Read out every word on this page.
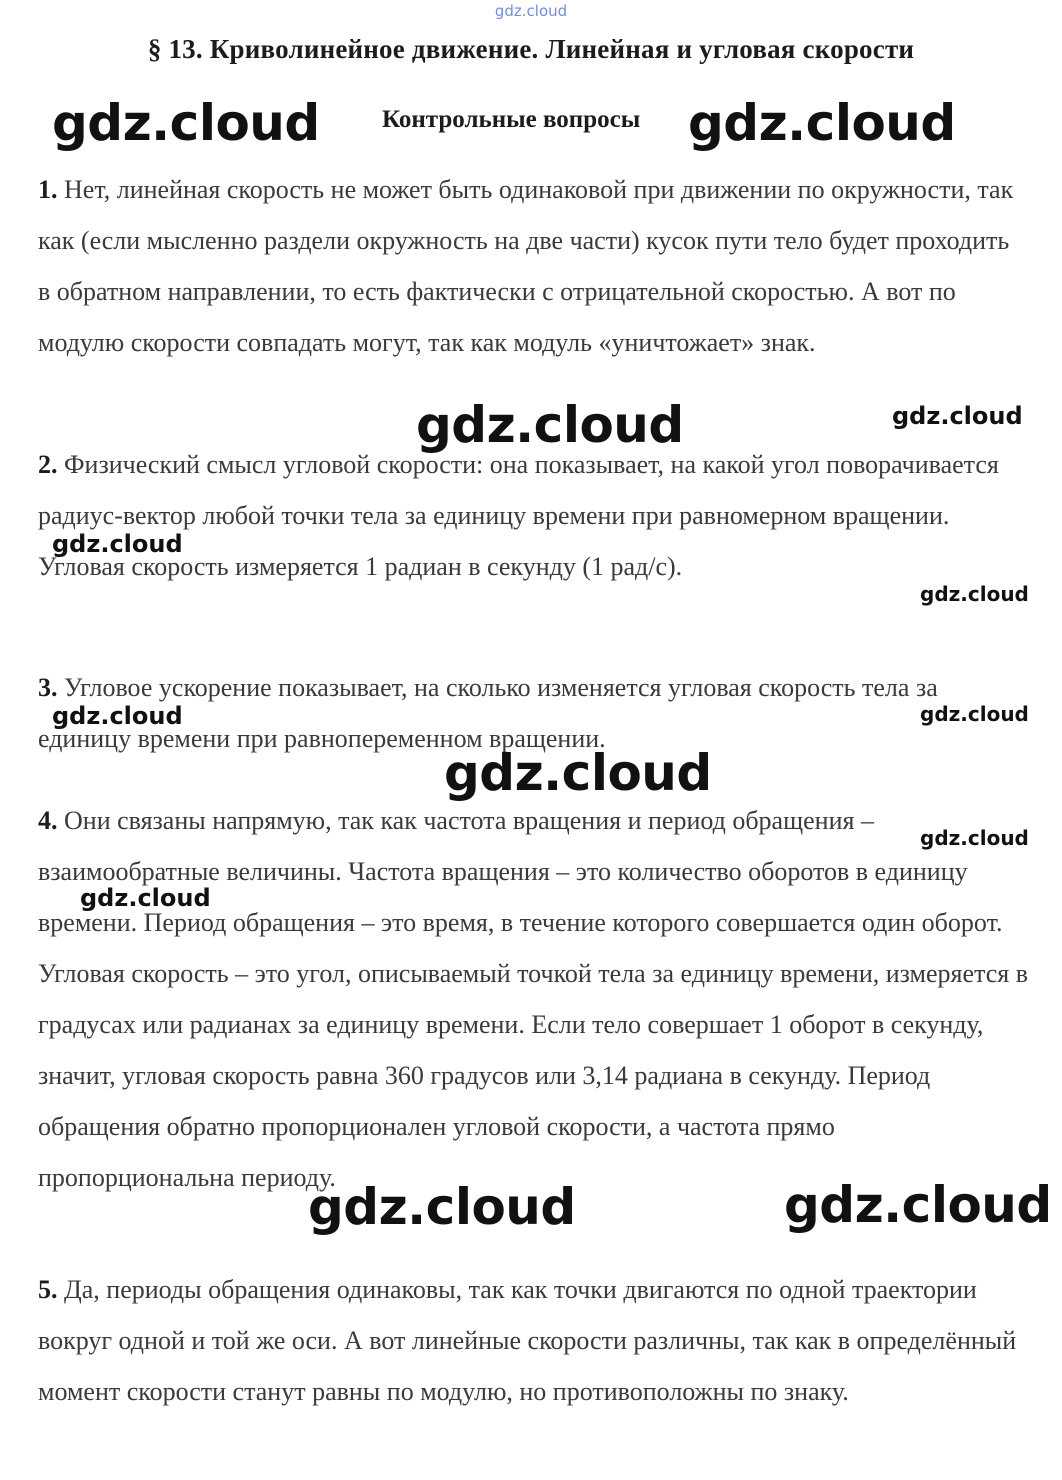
gdz.cloud
§ 13. Криволинейное движение. Линейная и угловая скорости
Контрольные вопросы

1. Нет, линейная скорость не может быть одинаковой при движении по окружности, так как (если мысленно раздели окружность на две части) кусок пути тело будет проходить в обратном направлении, то есть фактически с отрицательной скоростью. А вот по модулю скорости совпадать могут, так как модуль «уничтожает» знак.

2. Физический смысл угловой скорости: она показывает, на какой угол поворачивается радиус-вектор любой точки тела за единицу времени при равномерном вращении. Угловая скорость измеряется 1 радиан в секунду (1 рад/с).

3. Угловое ускорение показывает, на сколько изменяется угловая скорость тела за единицу времени при равнопеременном вращении.

4. Они связаны напрямую, так как частота вращения и период обращения – взаимообратные величины. Частота вращения – это количество оборотов в единицу времени. Период обращения – это время, в течение которого совершается один оборот. Угловая скорость – это угол, описываемый точкой тела за единицу времени, измеряется в градусах или радианах за единицу времени. Если тело совершает 1 оборот в секунду, значит, угловая скорость равна 360 градусов или 3,14 радиана в секунду. Период обращения обратно пропорционален угловой скорости, а частота прямо пропорциональна периоду.

5. Да, периоды обращения одинаковы, так как точки двигаются по одной траектории вокруг одной и той же оси. А вот линейные скорости различны, так как в определённый момент скорости станут равны по модулю, но противоположны по знаку.

gdz.cloud	gdz.cloud
gdz.cloud	gdz.cloud
gdz.cloud
gdz.cloud
gdz.cloud	gdz.cloud
gdz.cloud
gdz.cloud
gdz.cloud
gdz.cloud	gdz.cloud
